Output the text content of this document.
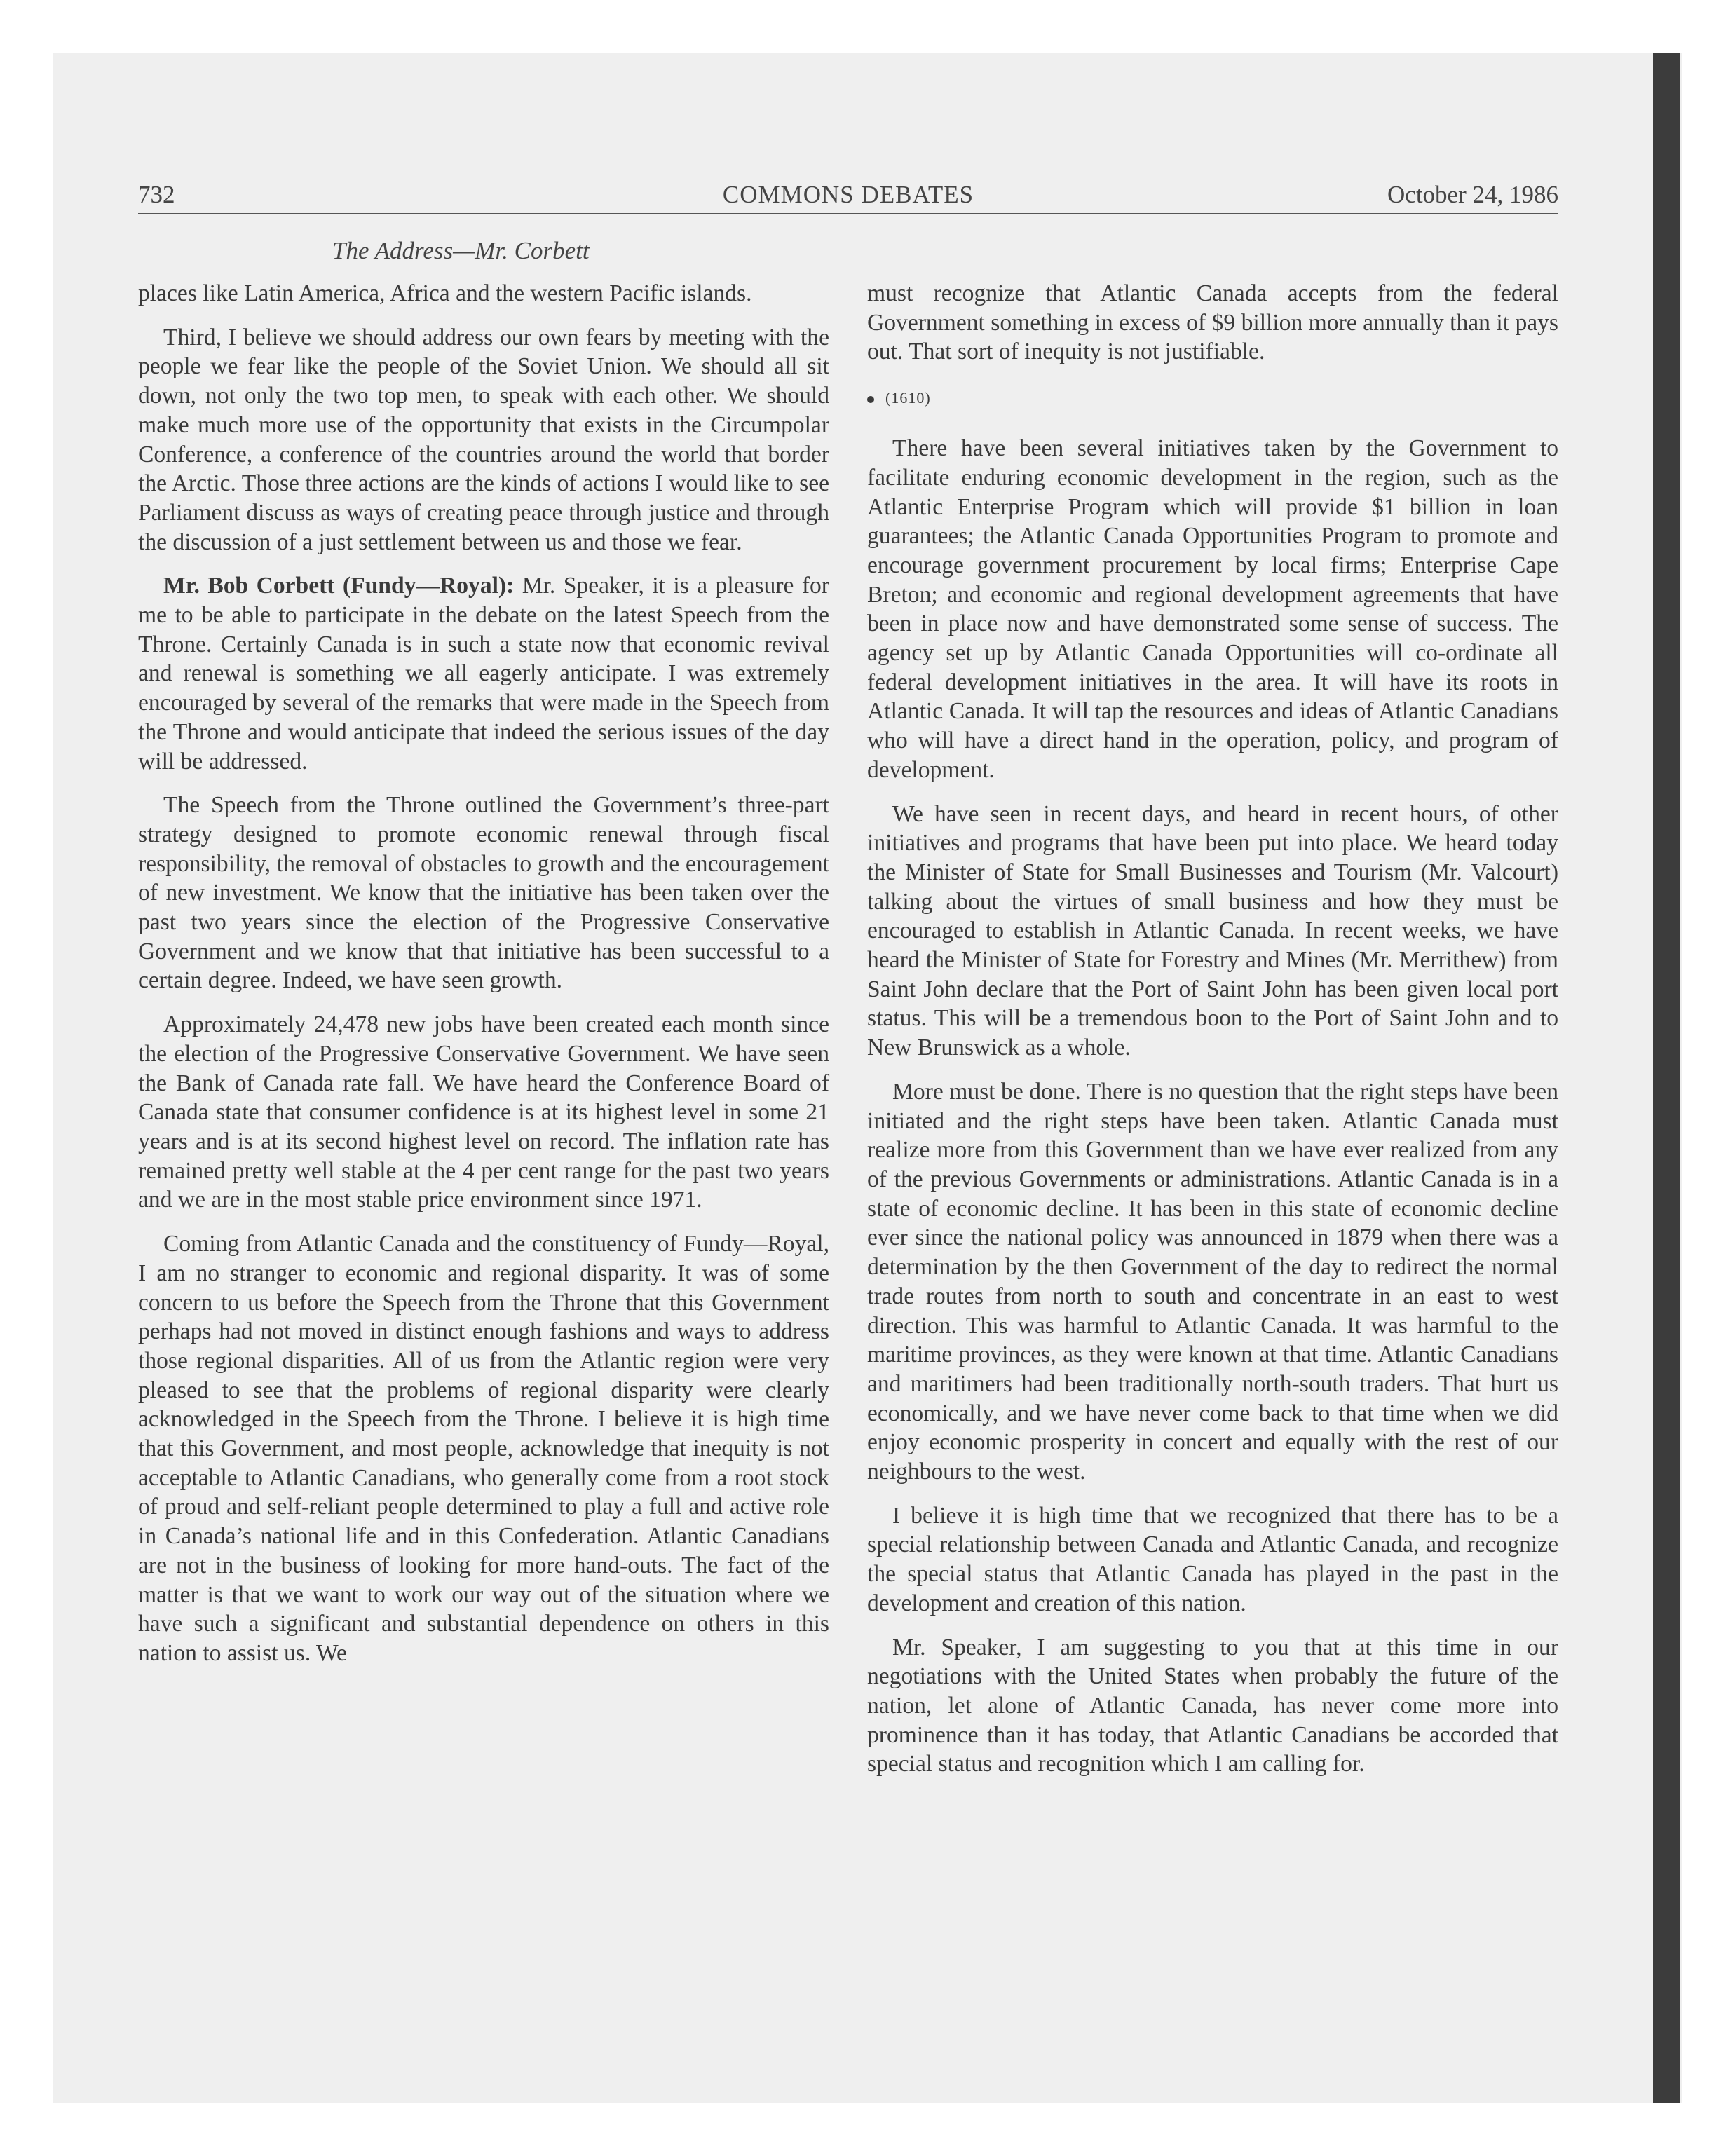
732	COMMONS DEBATES	October 24, 1986
The Address—Mr. Corbett

places like Latin America, Africa and the western Pacific islands.

Third, I believe we should address our own fears by meeting with the people we fear like the people of the Soviet Union. We should all sit down, not only the two top men, to speak with each other. We should make much more use of the opportunity that exists in the Circumpolar Conference, a conference of the countries around the world that border the Arctic. Those three actions are the kinds of actions I would like to see Parliament discuss as ways of creating peace through justice and through the discussion of a just settlement between us and those we fear.

Mr. Bob Corbett (Fundy—Royal): Mr. Speaker, it is a pleasure for me to be able to participate in the debate on the latest Speech from the Throne. Certainly Canada is in such a state now that economic revival and renewal is something we all eagerly anticipate. I was extremely encouraged by several of the remarks that were made in the Speech from the Throne and would anticipate that indeed the serious issues of the day will be addressed.

The Speech from the Throne outlined the Government’s three-part strategy designed to promote economic renewal through fiscal responsibility, the removal of obstacles to growth and the encouragement of new investment. We know that the initiative has been taken over the past two years since the election of the Progressive Conservative Government and we know that that initiative has been successful to a certain degree. Indeed, we have seen growth.

Approximately 24,478 new jobs have been created each month since the election of the Progressive Conservative Government. We have seen the Bank of Canada rate fall. We have heard the Conference Board of Canada state that consumer confidence is at its highest level in some 21 years and is at its second highest level on record. The inflation rate has remained pretty well stable at the 4 per cent range for the past two years and we are in the most stable price environment since 1971.

Coming from Atlantic Canada and the constituency of Fundy—Royal, I am no stranger to economic and regional disparity. It was of some concern to us before the Speech from the Throne that this Government perhaps had not moved in distinct enough fashions and ways to address those regional disparities. All of us from the Atlantic region were very pleased to see that the problems of regional disparity were clearly acknowledged in the Speech from the Throne. I believe it is high time that this Government, and most people, acknowledge that inequity is not acceptable to Atlantic Canadians, who generally come from a root stock of proud and self-reliant people determined to play a full and active role in Canada’s national life and in this Confederation. Atlantic Canadians are not in the business of looking for more hand-outs. The fact of the matter is that we want to work our way out of the situation where we have such a significant and substantial dependence on others in this nation to assist us. We

must recognize that Atlantic Canada accepts from the federal Government something in excess of $9 billion more annually than it pays out. That sort of inequity is not justifiable.

(1610)

There have been several initiatives taken by the Government to facilitate enduring economic development in the region, such as the Atlantic Enterprise Program which will provide $1 billion in loan guarantees; the Atlantic Canada Opportunities Program to promote and encourage government procurement by local firms; Enterprise Cape Breton; and economic and regional development agreements that have been in place now and have demonstrated some sense of success. The agency set up by Atlantic Canada Opportunities will co-ordinate all federal development initiatives in the area. It will have its roots in Atlantic Canada. It will tap the resources and ideas of Atlantic Canadians who will have a direct hand in the operation, policy, and program of development.

We have seen in recent days, and heard in recent hours, of other initiatives and programs that have been put into place. We heard today the Minister of State for Small Businesses and Tourism (Mr. Valcourt) talking about the virtues of small business and how they must be encouraged to establish in Atlantic Canada. In recent weeks, we have heard the Minister of State for Forestry and Mines (Mr. Merrithew) from Saint John declare that the Port of Saint John has been given local port status. This will be a tremendous boon to the Port of Saint John and to New Brunswick as a whole.

More must be done. There is no question that the right steps have been initiated and the right steps have been taken. Atlantic Canada must realize more from this Government than we have ever realized from any of the previous Governments or administrations. Atlantic Canada is in a state of economic decline. It has been in this state of economic decline ever since the national policy was announced in 1879 when there was a determination by the then Government of the day to redirect the normal trade routes from north to south and concentrate in an east to west direction. This was harmful to Atlantic Canada. It was harmful to the maritime provinces, as they were known at that time. Atlantic Canadians and maritimers had been traditionally north-south traders. That hurt us economically, and we have never come back to that time when we did enjoy economic prosperity in concert and equally with the rest of our neighbours to the west.

I believe it is high time that we recognized that there has to be a special relationship between Canada and Atlantic Canada, and recognize the special status that Atlantic Canada has played in the past in the development and creation of this nation.

Mr. Speaker, I am suggesting to you that at this time in our negotiations with the United States when probably the future of the nation, let alone of Atlantic Canada, has never come more into prominence than it has today, that Atlantic Canadians be accorded that special status and recognition which I am calling for.
